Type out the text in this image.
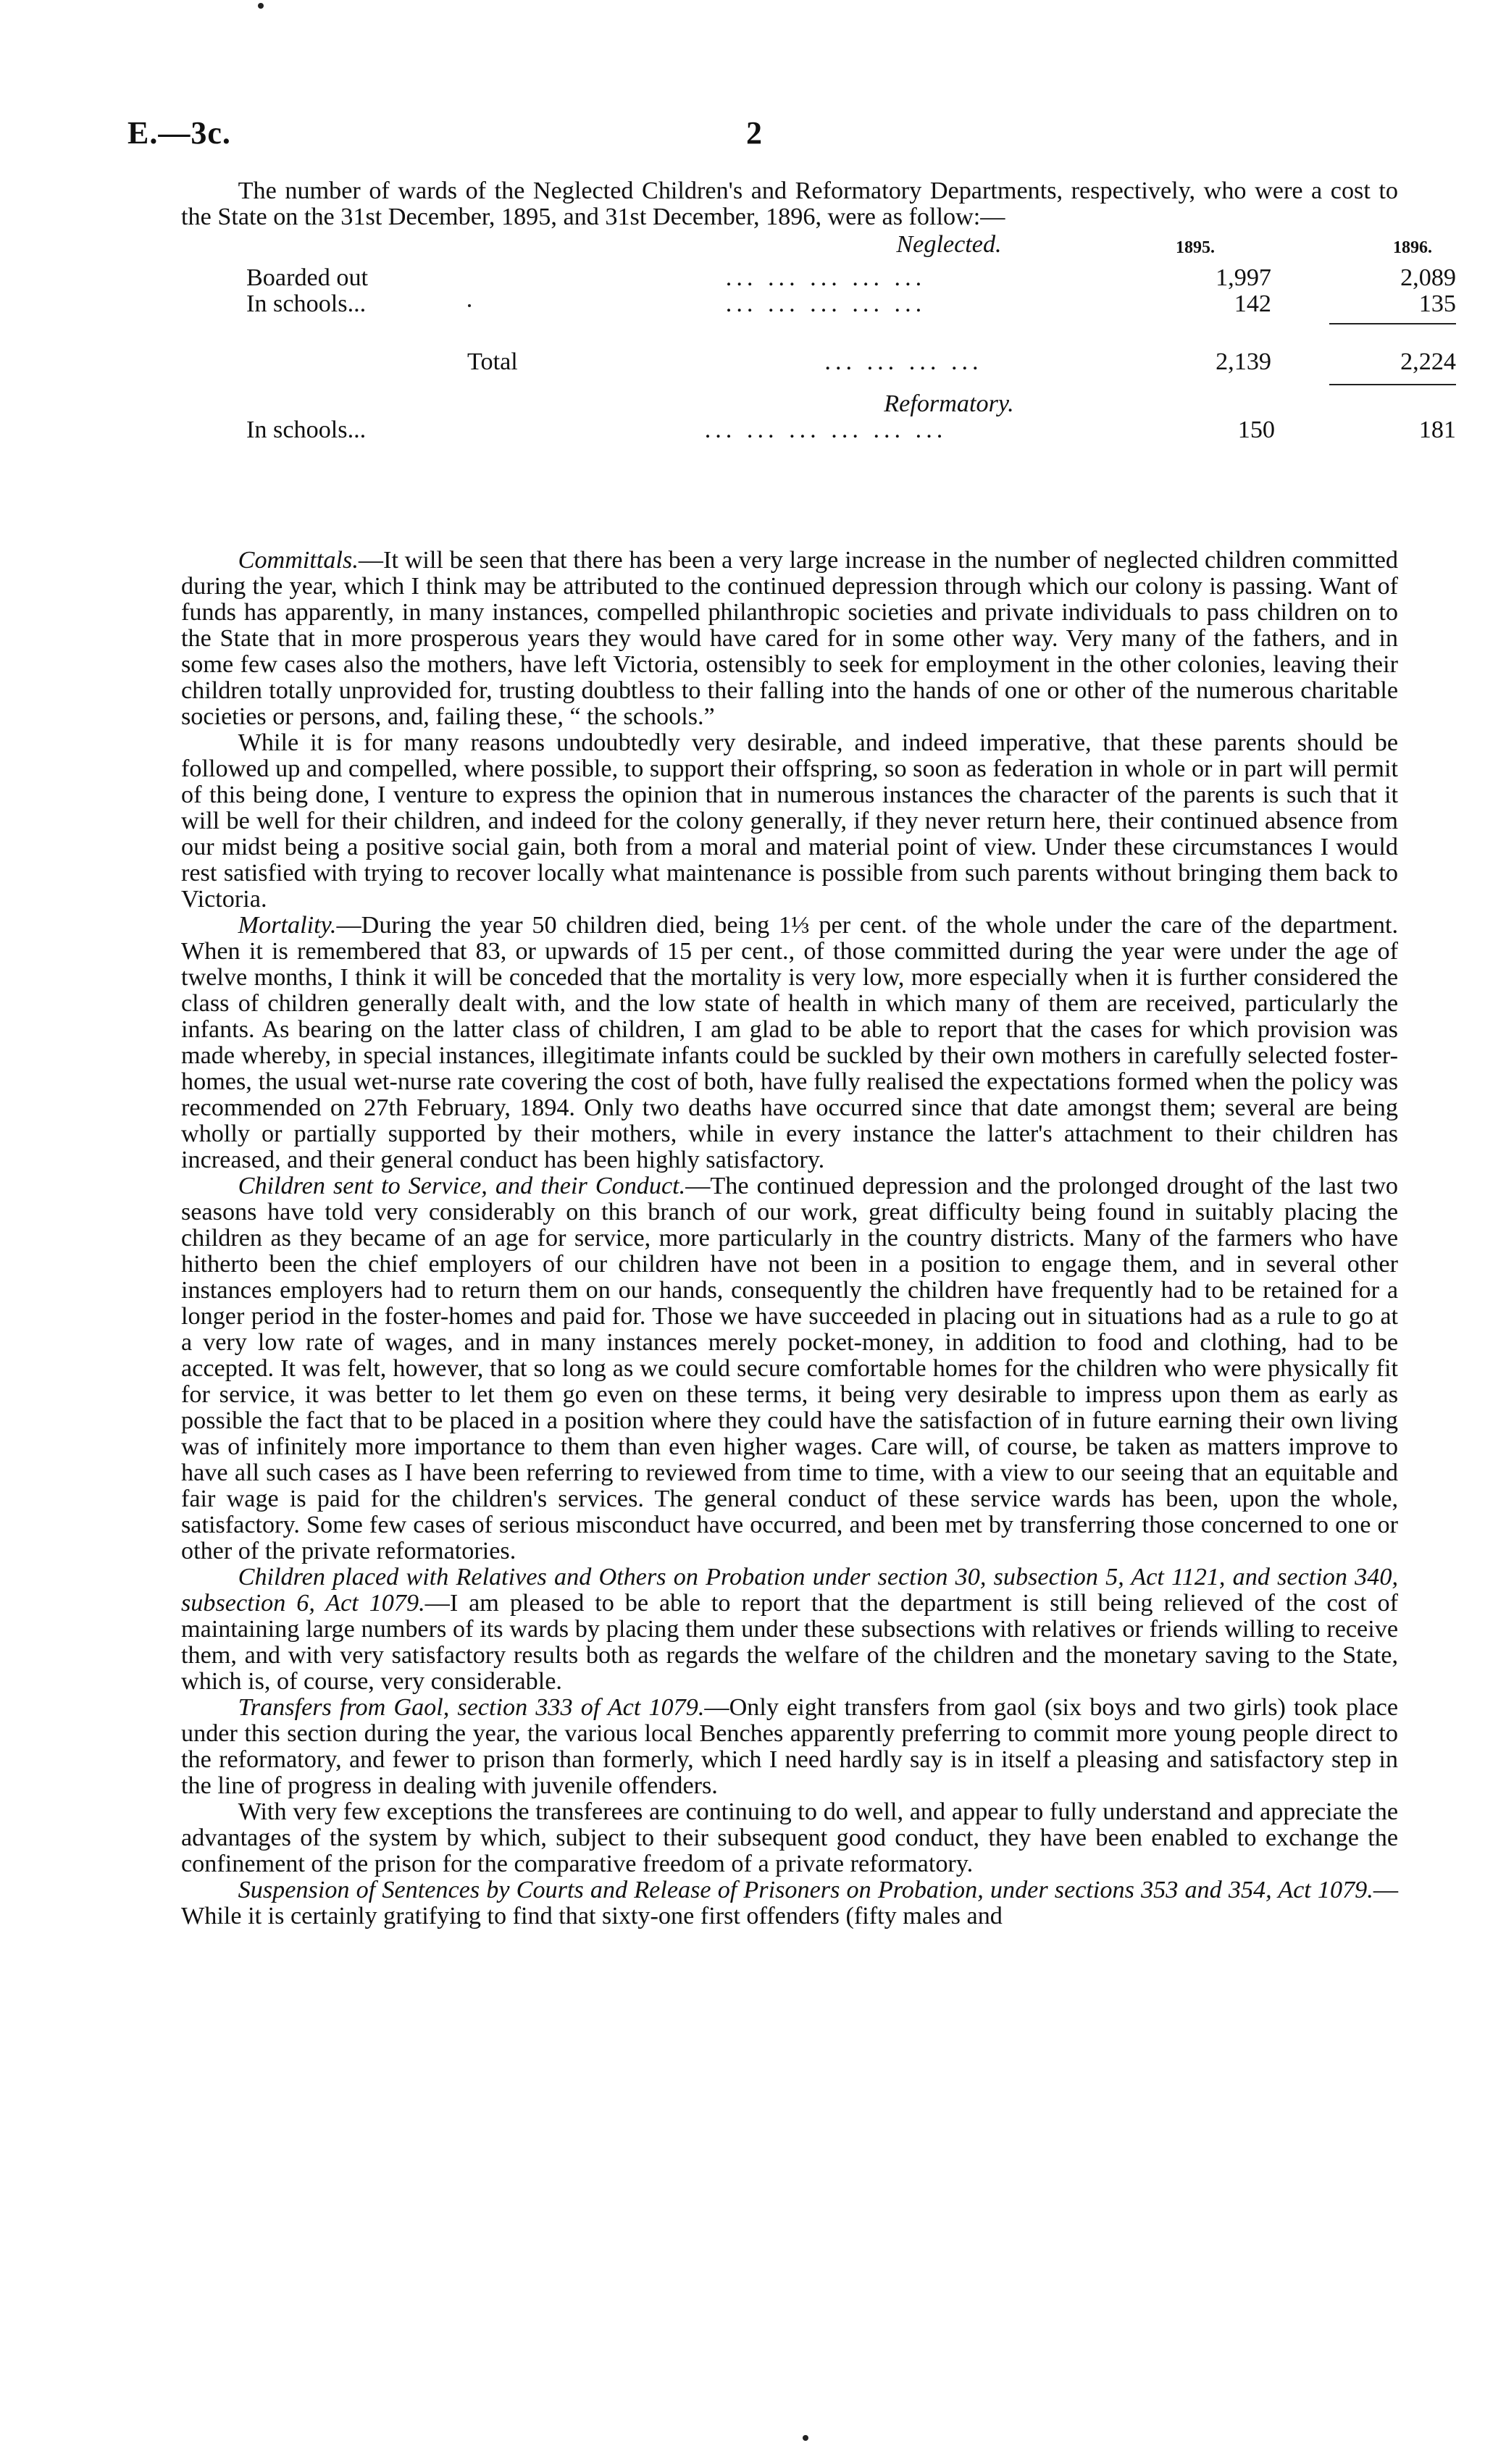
E.—3c.	2

The number of wards of the Neglected Children's and Reformatory Departments, respectively, who were a cost to the State on the 31st December, 1895, and 31st December, 1896, were as follow:—

Neglected.	1895.	1896.
Boarded out	... ... ... ... ...	1,997	2,089
In schools...	... ... ... ... ...	142	135
Total	... ... ... ...	2,139	2,224
Reformatory.
In schools...	... ... ... ... ... ...	150	181

Committals.—It will be seen that there has been a very large increase in the number of neglected children committed during the year, which I think may be attributed to the continued depression through which our colony is passing. Want of funds has apparently, in many instances, compelled philanthropic societies and private individuals to pass children on to the State that in more prosperous years they would have cared for in some other way. Very many of the fathers, and in some few cases also the mothers, have left Victoria, ostensibly to seek for employment in the other colonies, leaving their children totally unprovided for, trusting doubtless to their falling into the hands of one or other of the numerous charitable societies or persons, and, failing these, “ the schools.”

While it is for many reasons undoubtedly very desirable, and indeed imperative, that these parents should be followed up and compelled, where possible, to support their offspring, so soon as federation in whole or in part will permit of this being done, I venture to express the opinion that in numerous instances the character of the parents is such that it will be well for their children, and indeed for the colony generally, if they never return here, their continued absence from our midst being a positive social gain, both from a moral and material point of view. Under these circumstances I would rest satisfied with trying to recover locally what maintenance is possible from such parents without bringing them back to Victoria.

Mortality.—During the year 50 children died, being 1⅓ per cent. of the whole under the care of the department. When it is remembered that 83, or upwards of 15 per cent., of those committed during the year were under the age of twelve months, I think it will be conceded that the mortality is very low, more especially when it is further considered the class of children generally dealt with, and the low state of health in which many of them are received, particularly the infants. As bearing on the latter class of children, I am glad to be able to report that the cases for which provision was made whereby, in special instances, illegitimate infants could be suckled by their own mothers in carefully selected foster-homes, the usual wet-nurse rate covering the cost of both, have fully realised the expectations formed when the policy was recommended on 27th February, 1894. Only two deaths have occurred since that date amongst them; several are being wholly or partially supported by their mothers, while in every instance the latter's attachment to their children has increased, and their general conduct has been highly satisfactory.

Children sent to Service, and their Conduct.—The continued depression and the prolonged drought of the last two seasons have told very considerably on this branch of our work, great difficulty being found in suitably placing the children as they became of an age for service, more particularly in the country districts. Many of the farmers who have hitherto been the chief employers of our children have not been in a position to engage them, and in several other instances employers had to return them on our hands, consequently the children have frequently had to be retained for a longer period in the foster-homes and paid for. Those we have succeeded in placing out in situations had as a rule to go at a very low rate of wages, and in many instances merely pocket-money, in addition to food and clothing, had to be accepted. It was felt, however, that so long as we could secure comfortable homes for the children who were physically fit for service, it was better to let them go even on these terms, it being very desirable to impress upon them as early as possible the fact that to be placed in a position where they could have the satisfaction of in future earning their own living was of infinitely more importance to them than even higher wages. Care will, of course, be taken as matters improve to have all such cases as I have been referring to reviewed from time to time, with a view to our seeing that an equitable and fair wage is paid for the children's services. The general conduct of these service wards has been, upon the whole, satisfactory. Some few cases of serious misconduct have occurred, and been met by transferring those concerned to one or other of the private reformatories.

Children placed with Relatives and Others on Probation under section 30, subsection 5, Act 1121, and section 340, subsection 6, Act 1079.—I am pleased to be able to report that the department is still being relieved of the cost of maintaining large numbers of its wards by placing them under these subsections with relatives or friends willing to receive them, and with very satisfactory results both as regards the welfare of the children and the monetary saving to the State, which is, of course, very considerable.

Transfers from Gaol, section 333 of Act 1079.—Only eight transfers from gaol (six boys and two girls) took place under this section during the year, the various local Benches apparently preferring to commit more young people direct to the reformatory, and fewer to prison than formerly, which I need hardly say is in itself a pleasing and satisfactory step in the line of progress in dealing with juvenile offenders.

With very few exceptions the transferees are continuing to do well, and appear to fully understand and appreciate the advantages of the system by which, subject to their subsequent good conduct, they have been enabled to exchange the confinement of the prison for the comparative freedom of a private reformatory.

Suspension of Sentences by Courts and Release of Prisoners on Probation, under sections 353 and 354, Act 1079.—While it is certainly gratifying to find that sixty-one first offenders (fifty males and
